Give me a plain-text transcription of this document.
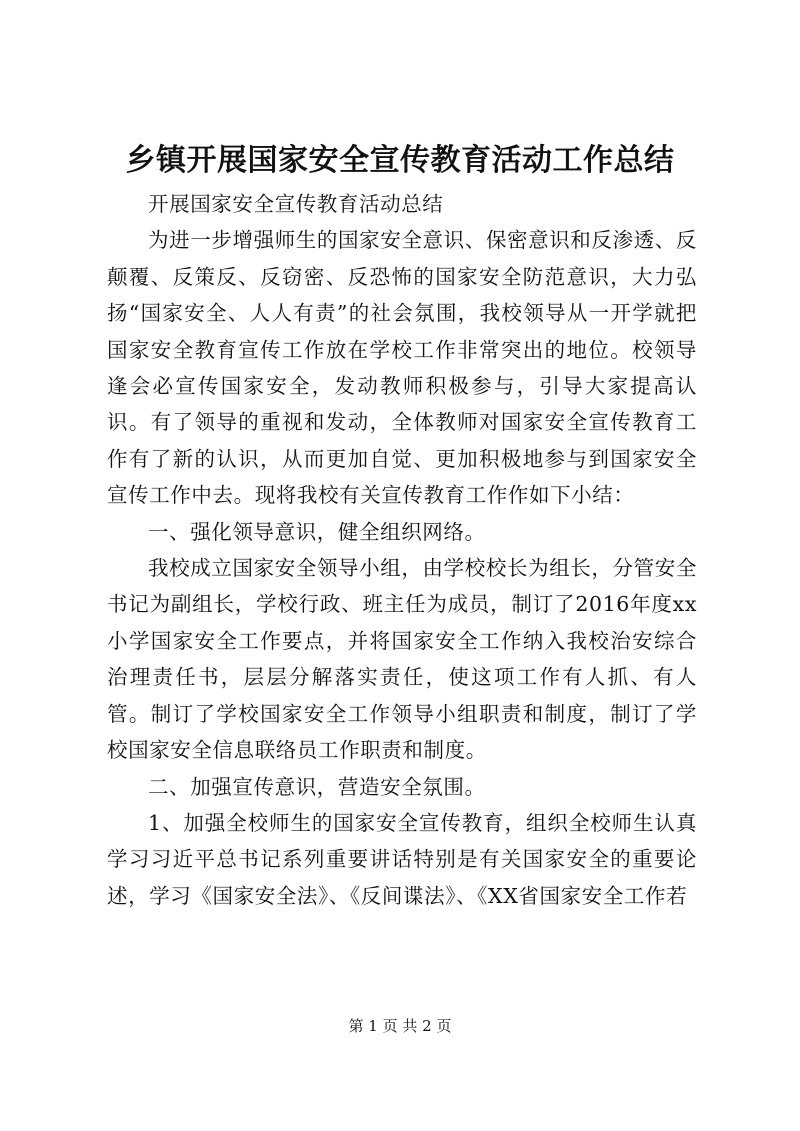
乡镇开展国家安全宣传教育活动工作总结

开展国家安全宣传教育活动总结

为进一步增强师生的国家安全意识、保密意识和反渗透、反颠覆、反策反、反窃密、反恐怖的国家安全防范意识，大力弘扬“国家安全、人人有责”的社会氛围，我校领导从一开学就把国家安全教育宣传工作放在学校工作非常突出的地位。校领导逢会必宣传国家安全，发动教师积极参与，引导大家提高认识。有了领导的重视和发动，全体教师对国家安全宣传教育工作有了新的认识，从而更加自觉、更加积极地参与到国家安全宣传工作中去。现将我校有关宣传教育工作作如下小结：

一、强化领导意识，健全组织网络。

我校成立国家安全领导小组，由学校校长为组长，分管安全书记为副组长，学校行政、班主任为成员，制订了2016年度xx小学国家安全工作要点，并将国家安全工作纳入我校治安综合治理责任书，层层分解落实责任，使这项工作有人抓、有人管。制订了学校国家安全工作领导小组职责和制度，制订了学校国家安全信息联络员工作职责和制度。

二、加强宣传意识，营造安全氛围。

1、加强全校师生的国家安全宣传教育，组织全校师生认真学习习近平总书记系列重要讲话特别是有关国家安全的重要论述，学习《国家安全法》、《反间谍法》、《XX省国家安全工作若

第 1 页 共 2 页
